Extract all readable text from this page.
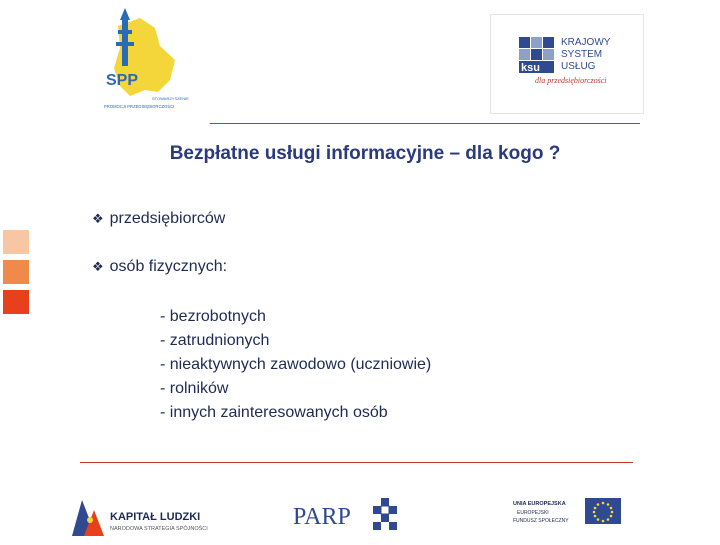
SPP
STOWARZYSZENIE
PROMOCJI PRZEDSIĘBIORCZOŚCI
ksu
KRAJOWY
SYSTEM
USŁUG
dla przedsiębiorczości
Bezpłatne usługi informacyjne – dla kogo ?
❖ przedsiębiorców
❖ osób fizycznych:
- bezrobotnych
- zatrudnionych
- nieaktywnych zawodowo (uczniowie)
- rolników
- innych zainteresowanych osób
KAPITAŁ LUDZKI
NARODOWA STRATEGIA SPÓJNOŚCI	PARP	UNIA EUROPEJSKA
EUROPEJSKI
FUNDUSZ SPOŁECZNY
